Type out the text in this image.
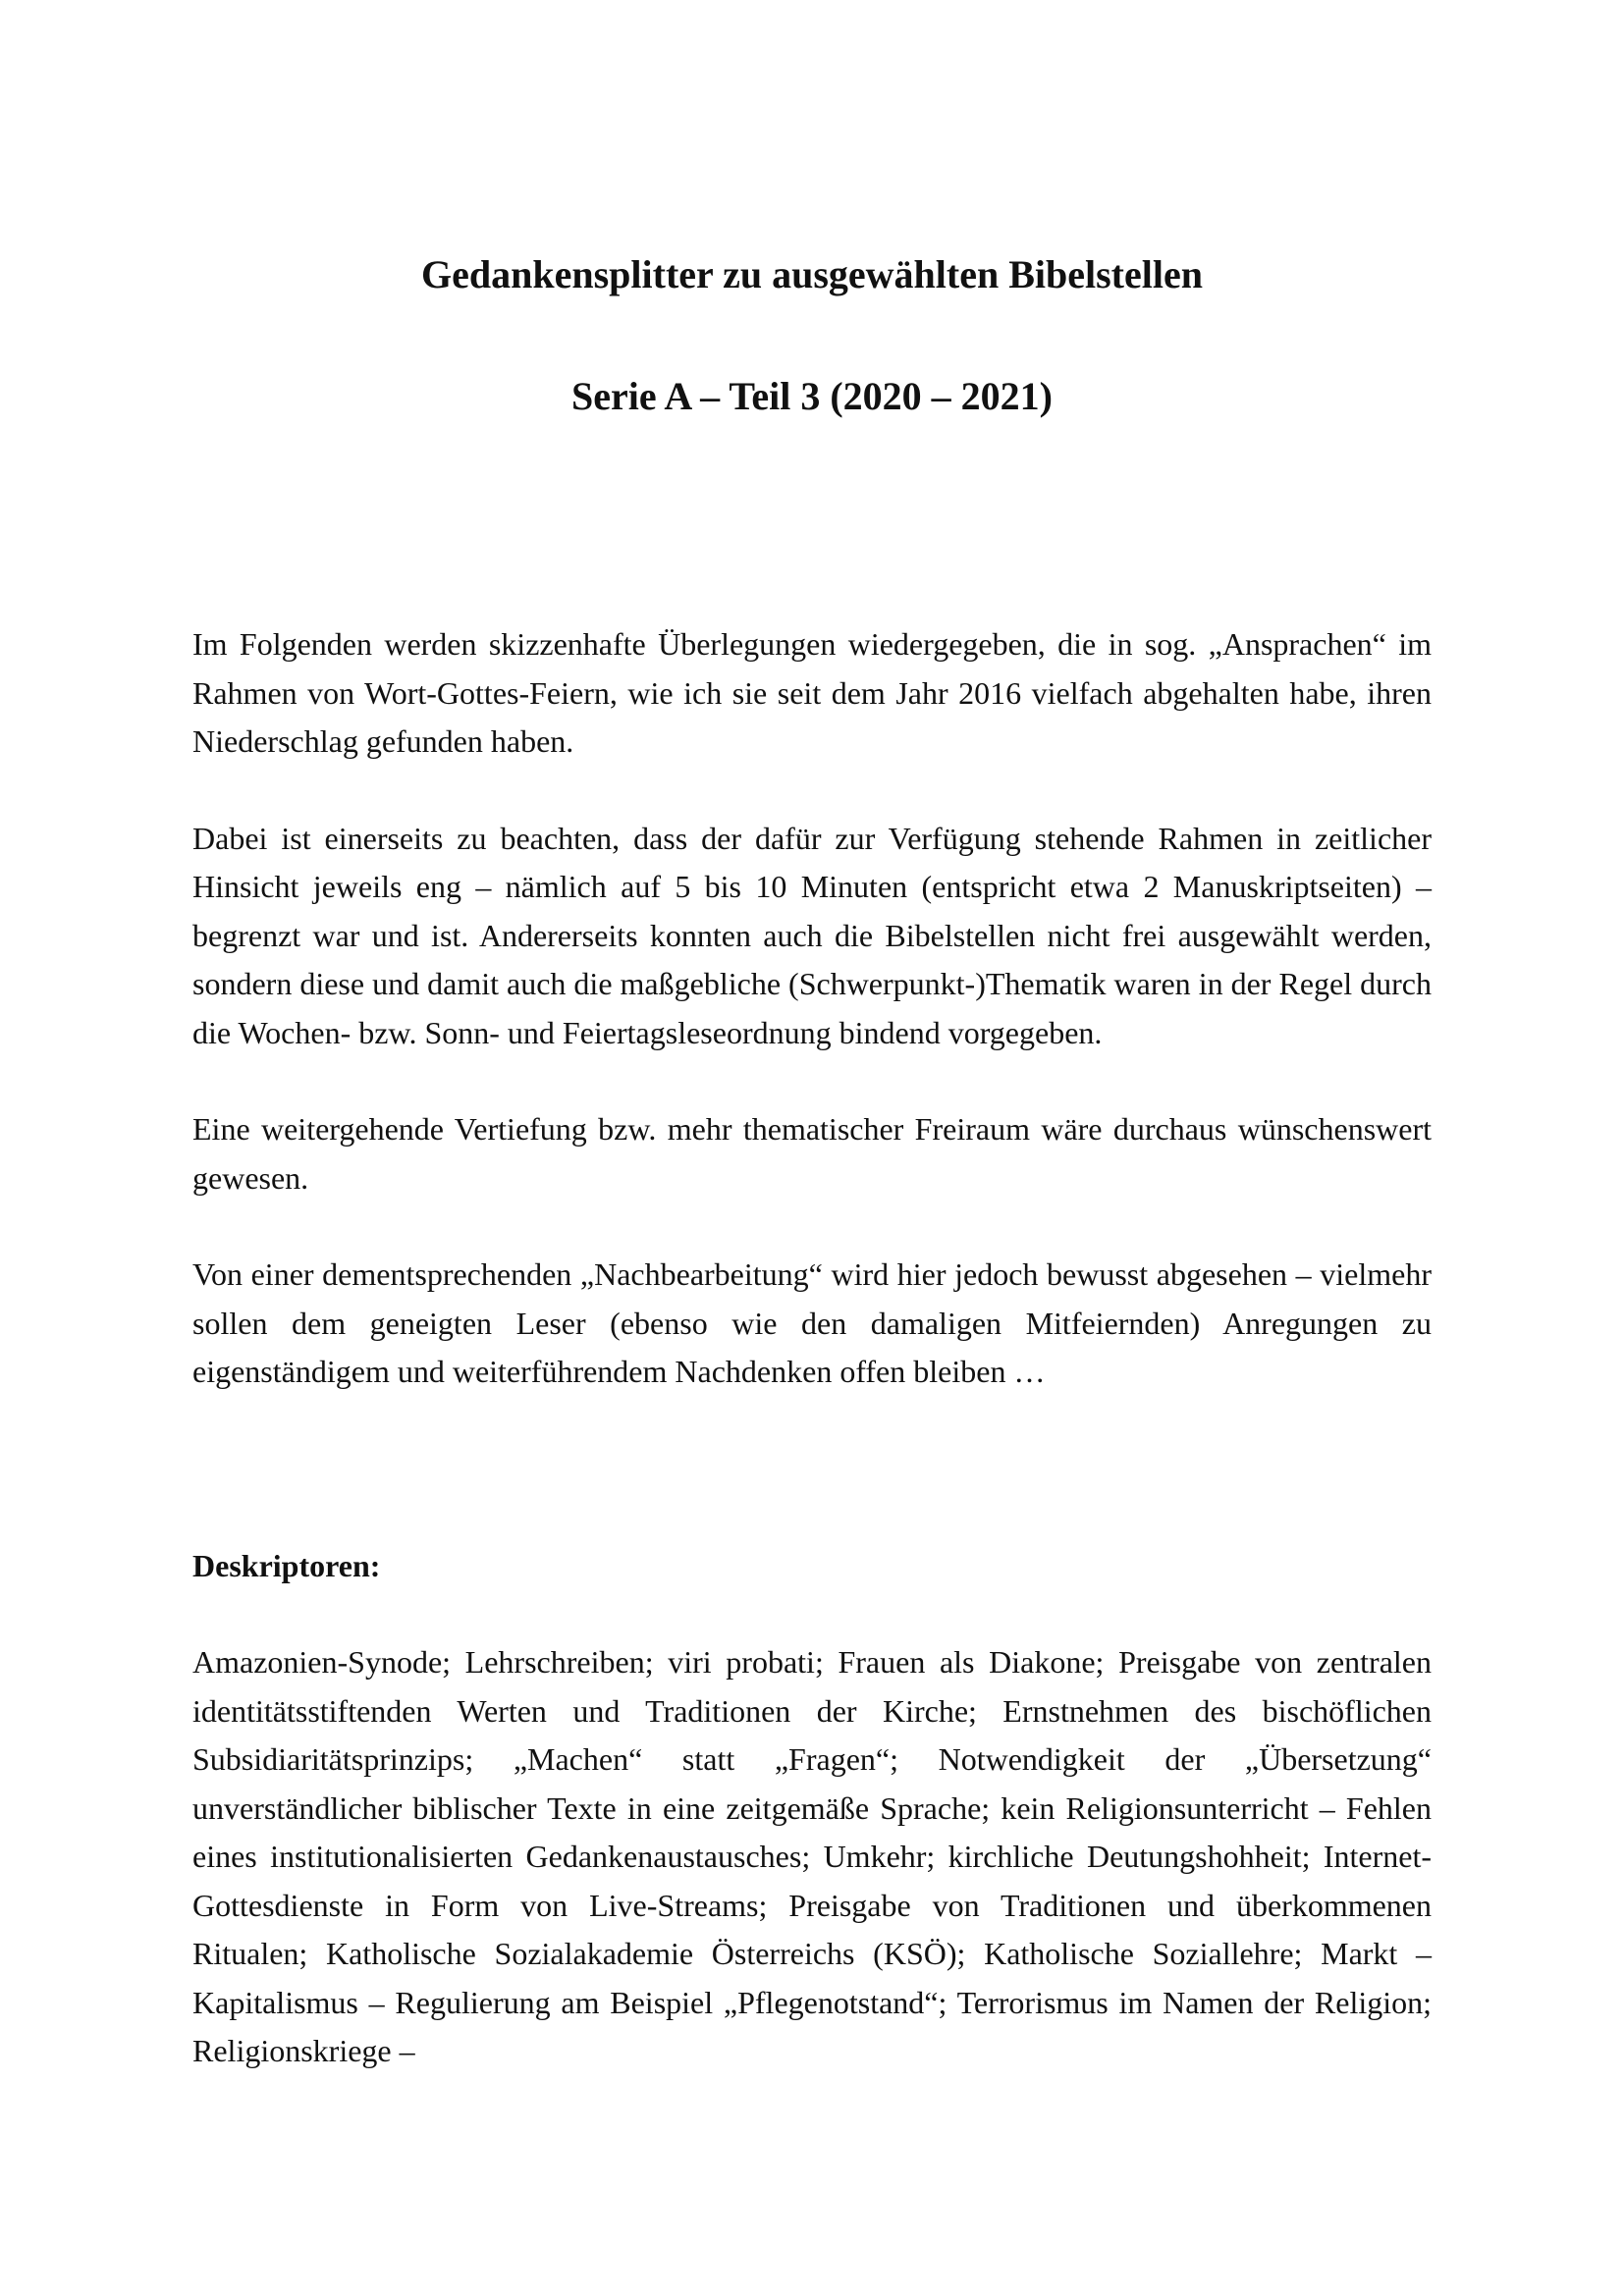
Gedankensplitter zu ausgewählten Bibelstellen
Serie A – Teil 3 (2020 – 2021)

Im Folgenden werden skizzenhafte Überlegungen wiedergegeben, die in sog. „Ansprachen“ im Rahmen von Wort-Gottes-Feiern, wie ich sie seit dem Jahr 2016 vielfach abgehalten habe, ihren Niederschlag gefunden haben.

Dabei ist einerseits zu beachten, dass der dafür zur Verfügung stehende Rahmen in zeitlicher Hinsicht jeweils eng – nämlich auf 5 bis 10 Minuten (entspricht etwa 2 Manuskriptseiten) – begrenzt war und ist. Andererseits konnten auch die Bibelstellen nicht frei ausgewählt werden, sondern diese und damit auch die maßgebliche (Schwerpunkt-)Thematik waren in der Regel durch die Wochen- bzw. Sonn- und Feiertagsleseordnung bindend vorgegeben.

Eine weitergehende Vertiefung bzw. mehr thematischer Freiraum wäre durchaus wünschenswert gewesen.

Von einer dementsprechenden „Nachbearbeitung“ wird hier jedoch bewusst abgesehen – vielmehr sollen dem geneigten Leser (ebenso wie den damaligen Mitfeiernden) Anregungen zu eigenständigem und weiterführendem Nachdenken offen bleiben …

Deskriptoren:

Amazonien-Synode; Lehrschreiben; viri probati; Frauen als Diakone; Preisgabe von zentralen identitätsstiftenden Werten und Traditionen der Kirche; Ernstnehmen des bischöflichen Subsidiaritätsprinzips; „Machen“ statt „Fragen“; Notwendigkeit der „Übersetzung“ unverständlicher biblischer Texte in eine zeitgemäße Sprache; kein Religionsunterricht – Fehlen eines institutionalisierten Gedankenaustausches; Umkehr; kirchliche Deutungshohheit; Internet-Gottesdienste in Form von Live-Streams; Preisgabe von Traditionen und überkommenen Ritualen; Katholische Sozialakademie Österreichs (KSÖ); Katholische Soziallehre; Markt – Kapitalismus – Regulierung am Beispiel „Pflegenotstand“; Terrorismus im Namen der Religion; Religionskriege –
